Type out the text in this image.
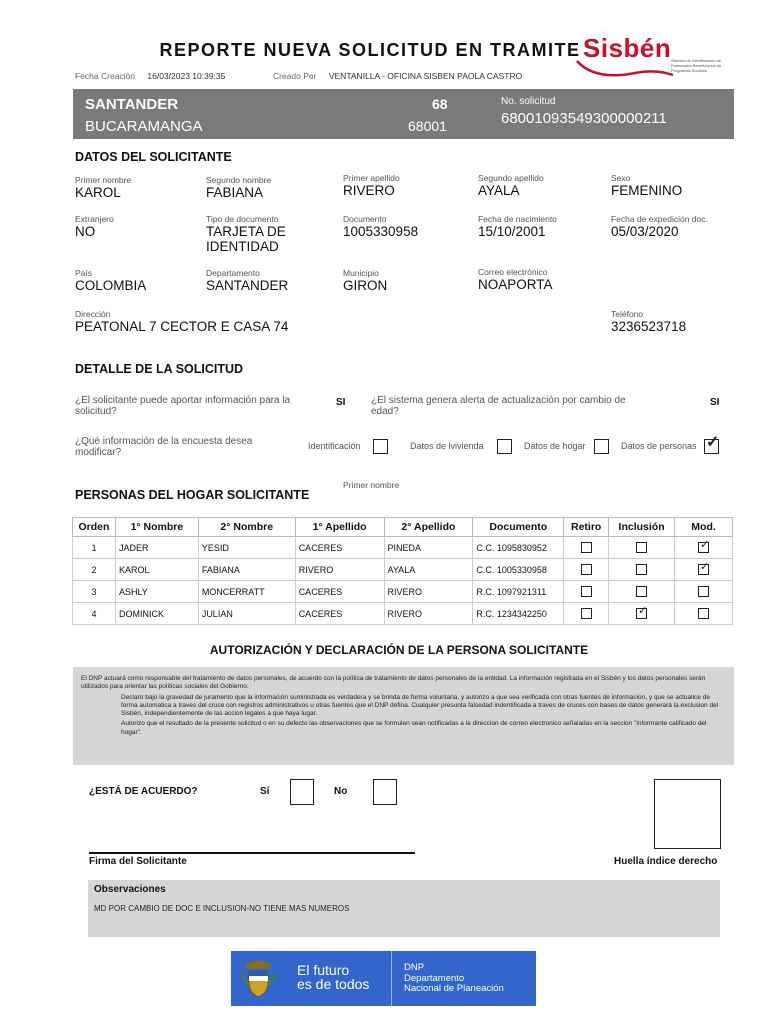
REPORTE NUEVA SOLICITUD EN TRAMITE
Fecha Creación 16/03/2023 10:39:35	Creado Por VENTANILLA - OFICINA SISBEN PAOLA CASTRO
Sisbén Sistema de Identificación de Potenciales Beneficiarios de Programas Sociales
SANTANDER
BUCARAMANGA
68
68001
No. solicitud
68001093549300000211
DATOS DEL SOLICITANTE
Primer nombre
KAROL
Segundo nombre
FABIANA
Primer apellido
RIVERO
Segundo apellido
AYALA
Sexo
FEMENINO
Extranjero
NO
Tipo de documento
TARJETA DE
IDENTIDAD
Documento
1005330958
Fecha de nacimiento
15/10/2001
Fecha de expedición doc.
05/03/2020
País
COLOMBIA
Departamento
SANTANDER
Municipio
GIRON
Correo electrónico
NOAPORTA
Dirección
PEATONAL 7 CECTOR E CASA 74
Teléfono
3236523718
DETALLE DE LA SOLICITUD
¿El solicitante puede aportar información para la
solicitud?
SI	¿El sistema genera alerta de actualización por cambio de
edad?
SI
¿Qué información de la encuesta desea
modificar?
Identificación	Datos de lvivienda	Datos de hogar	Datos de personas ✓
PERSONAS DEL HOGAR SOLICITANTE
Primer nombre
Orden	1° Nombre	2° Nombre	1° Apellido	2° Apellido	Documento	Retiro	Inclusión	Mod.
1	JADER	YESID	CACERES	PINEDA	C.C. 1095830952			✓

2	KAROL	FABIANA	RIVERO	AYALA	C.C. 1005330958			✓

3	ASHLY	MONCERRATT	CACERES	RIVERO	R.C. 1097921311			
4	DOMINICK	JULIAN	CACERES	RIVERO	R.C. 1234342250		✓	

AUTORIZACIÓN Y DECLARACIÓN DE LA PERSONA SOLICITANTE

El DNP actuará como responsable del tratamiento de datos personales, de acuerdo con la política de tratamiento de datos personales de la entidad. La información registrada en el Sisbén y los datos personales serán utilizados para orientar las políticas sociales del Gobierno.

Declaro bajo la gravedad de juramento que la información suministrada es verdadera y se brinda de forma voluntaria, y autorizo a que sea verificada con otras fuentes de informacion, y que se actualice de forma automatica a traves del cruce con registros administrativos u otras fuentes que el DNP defina. Cualquier presunta falsedad indentificada a traves de cruces con bases de datos generará la exclusion del Sisbén, independientemente de las accion legales a que haya lugar.

Autorizo que el resultado de la presente solicitud o en su defecto las observaciones que se formulen sean notificadas a la direccion de correo electronico señaladas en la seccion "informante calificado del hogar".

¿ESTÁ DE ACUERDO?	Sí	No
Firma del Solicitante	Huella índice derecho
Observaciones
MD POR CAMBIO DE DOC E INCLUSION-NO TIENE MAS NUMEROS
El futuro
es de todos
DNP
Departamento
Nacional de Planeación
